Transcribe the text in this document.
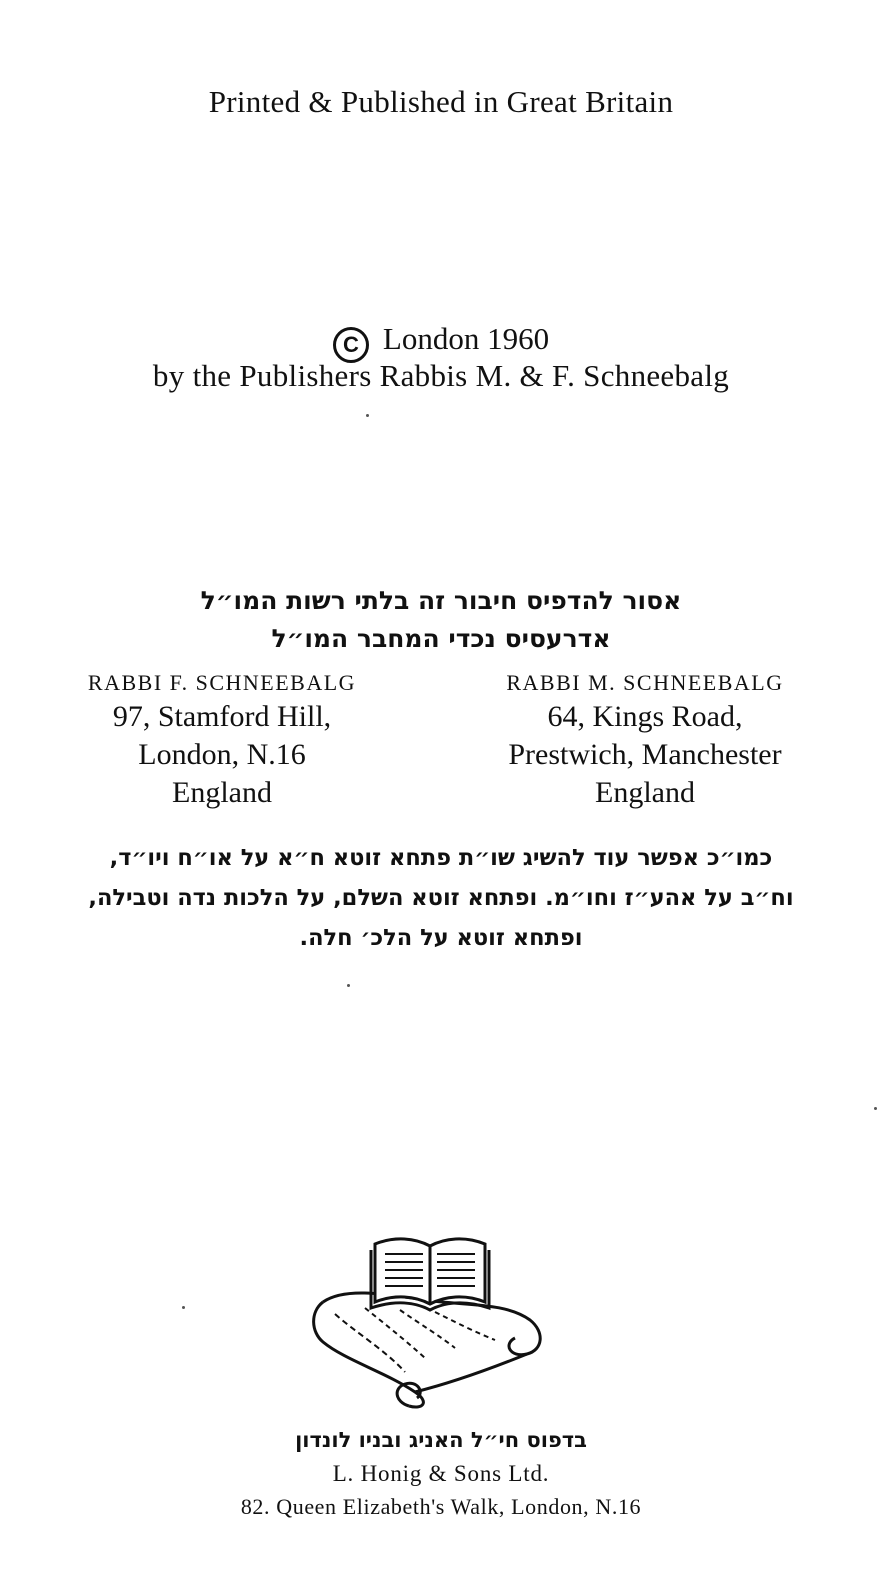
Printed & Published in Great Britain
C London 1960
by the Publishers Rabbis M. & F. Schneebalg
אסור להדפיס חיבור זה בלתי רשות המו״ל
אדרעסיס נכדי המחבר המו״ל
RABBI F. SCHNEEBALG
97, Stamford Hill,
London, N.16
England
RABBI M. SCHNEEBALG
64, Kings Road,
Prestwich, Manchester
England
כמו״כ אפשר עוד להשיג שו״ת פתחא זוטא ח״א על או״ח ויו״ד,
וח״ב על אהע״ז וחו״מ. ופתחא זוטא השלם, על הלכות נדה וטבילה,
ופתחא זוטא על הלכ׳ חלה.
בדפוס חי״ל האניג ובניו לונדון
L. Honig & Sons Ltd.
82. Queen Elizabeth's Walk, London, N.16
